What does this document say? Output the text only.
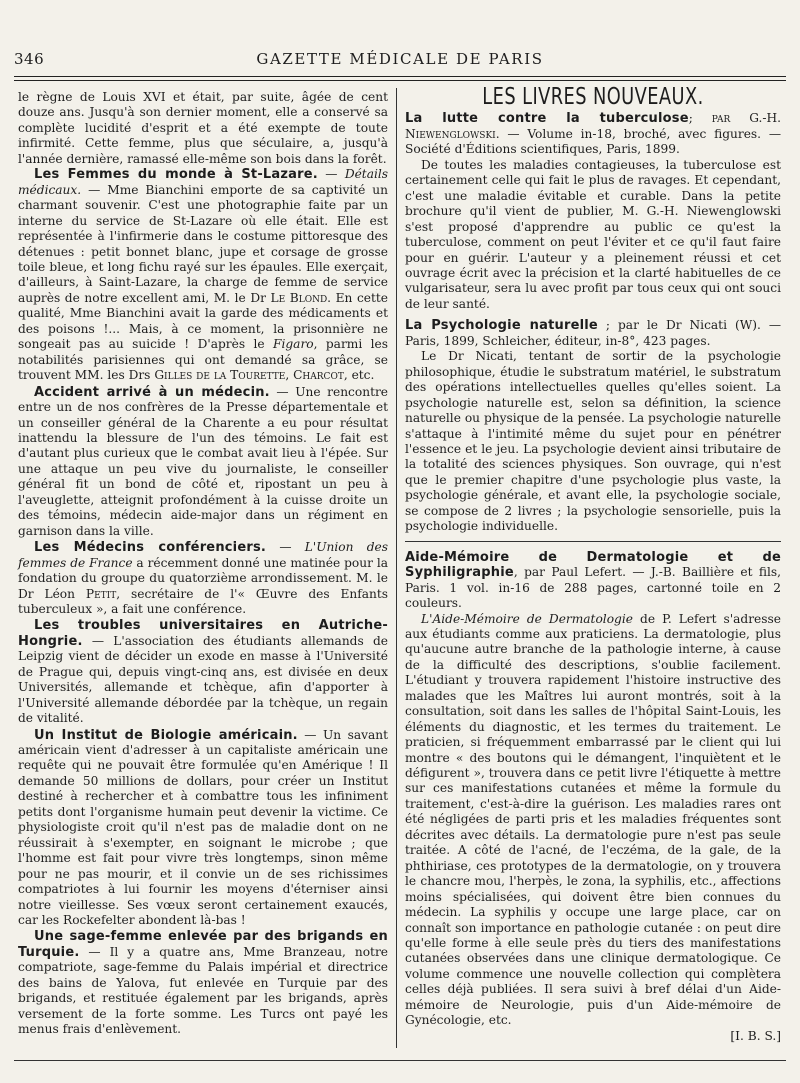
346	GAZETTE MÉDICALE DE PARIS

le règne de Louis XVI et était, par suite, âgée de cent douze ans. Jusqu'à son dernier moment, elle a conservé sa complète lucidité d'esprit et a été exempte de toute infirmité. Cette femme, plus que séculaire, a, jusqu'à l'année dernière, ramassé elle-même son bois dans la forêt.

Les Femmes du monde à St-Lazare. — Détails médicaux. — Mme Bianchini emporte de sa captivité un charmant souvenir. C'est une photographie faite par un interne du service de St-Lazare où elle était. Elle est représentée à l'infirmerie dans le costume pittoresque des détenues : petit bonnet blanc, jupe et corsage de grosse toile bleue, et long fichu rayé sur les épaules. Elle exerçait, d'ailleurs, à Saint-Lazare, la charge de femme de service auprès de notre excellent ami, M. le Dr Le Blond. En cette qualité, Mme Bianchini avait la garde des médicaments et des poisons !... Mais, à ce moment, la prisonnière ne songeait pas au suicide ! D'après le Figaro, parmi les notabilités parisiennes qui ont demandé sa grâce, se trouvent MM. les Drs Gilles de la Tourette, Charcot, etc.

Accident arrivé à un médecin. — Une rencontre entre un de nos confrères de la Presse départementale et un conseiller général de la Charente a eu pour résultat inattendu la blessure de l'un des témoins. Le fait est d'autant plus curieux que le combat avait lieu à l'épée. Sur une attaque un peu vive du journaliste, le conseiller général fit un bond de côté et, ripostant un peu à l'aveuglette, atteignit profondément à la cuisse droite un des témoins, médecin aide-major dans un régiment en garnison dans la ville.

Les Médecins conférenciers. — L'Union des femmes de France a récemment donné une matinée pour la fondation du groupe du quatorzième arrondissement. M. le Dr Léon Petit, secrétaire de l'« Œuvre des Enfants tuberculeux », a fait une conférence.

Les troubles universitaires en Autriche-Hongrie. — L'association des étudiants allemands de Leipzig vient de décider un exode en masse à l'Université de Prague qui, depuis vingt-cinq ans, est divisée en deux Universités, allemande et tchèque, afin d'apporter à l'Université allemande débordée par la tchèque, un regain de vitalité.

Un Institut de Biologie américain. — Un savant américain vient d'adresser à un capitaliste américain une requête qui ne pouvait être formulée qu'en Amérique ! Il demande 50 millions de dollars, pour créer un Institut destiné à rechercher et à combattre tous les infiniment petits dont l'organisme humain peut devenir la victime. Ce physiologiste croit qu'il n'est pas de maladie dont on ne réussirait à s'exempter, en soignant le microbe ; que l'homme est fait pour vivre très longtemps, sinon même pour ne pas mourir, et il convie un de ses richissimes compatriotes à lui fournir les moyens d'éterniser ainsi notre vieillesse. Ses vœux seront certainement exaucés, car les Rockefelter abondent là-bas !

Une sage-femme enlevée par des brigands en Turquie. — Il y a quatre ans, Mme Branzeau, notre compatriote, sage-femme du Palais impérial et directrice des bains de Yalova, fut enlevée en Turquie par des brigands, et restituée également par les brigands, après versement de la forte somme. Les Turcs ont payé les menus frais d'enlèvement.

LES LIVRES NOUVEAUX.

La lutte contre la tuberculose; par G.-H. Niewenglowski. — Volume in-18, broché, avec figures. — Société d'Éditions scientifiques, Paris, 1899.

De toutes les maladies contagieuses, la tuberculose est certainement celle qui fait le plus de ravages. Et cependant, c'est une maladie évitable et curable. Dans la petite brochure qu'il vient de publier, M. G.-H. Niewenglowski s'est proposé d'apprendre au public ce qu'est la tuberculose, comment on peut l'éviter et ce qu'il faut faire pour en guérir. L'auteur y a pleinement réussi et cet ouvrage écrit avec la précision et la clarté habituelles de ce vulgarisateur, sera lu avec profit par tous ceux qui ont souci de leur santé.

La Psychologie naturelle ; par le Dr Nicati (W). — Paris, 1899, Schleicher, éditeur, in-8°, 423 pages.

Le Dr Nicati, tentant de sortir de la psychologie philosophique, étudie le substratum matériel, le substratum des opérations intellectuelles quelles qu'elles soient. La psychologie naturelle est, selon sa définition, la science naturelle ou physique de la pensée. La psychologie naturelle s'attaque à l'intimité même du sujet pour en pénétrer l'essence et le jeu. La psychologie devient ainsi tributaire de la totalité des sciences physiques. Son ouvrage, qui n'est que le premier chapitre d'une psychologie plus vaste, la psychologie générale, et avant elle, la psychologie sociale, se compose de 2 livres ; la psychologie sensorielle, puis la psychologie individuelle.

Aide-Mémoire de Dermatologie et de Syphiligraphie, par Paul Lefert. — J.-B. Baillière et fils, Paris. 1 vol. in-16 de 288 pages, cartonné toile en 2 couleurs.

L'Aide-Mémoire de Dermatologie de P. Lefert s'adresse aux étudiants comme aux praticiens. La dermatologie, plus qu'aucune autre branche de la pathologie interne, à cause de la difficulté des descriptions, s'oublie facilement. L'étudiant y trouvera rapidement l'histoire instructive des malades que les Maîtres lui auront montrés, soit à la consultation, soit dans les salles de l'hôpital Saint-Louis, les éléments du diagnostic, et les termes du traitement. Le praticien, si fréquemment embarrassé par le client qui lui montre « des boutons qui le démangent, l'inquiètent et le défigurent », trouvera dans ce petit livre l'étiquette à mettre sur ces manifestations cutanées et même la formule du traitement, c'est-à-dire la guérison. Les maladies rares ont été négligées de parti pris et les maladies fréquentes sont décrites avec détails. La dermatologie pure n'est pas seule traitée. A côté de l'acné, de l'eczéma, de la gale, de la phthiriase, ces prototypes de la dermatologie, on y trouvera le chancre mou, l'herpès, le zona, la syphilis, etc., affections moins spécialisées, qui doivent être bien connues du médecin. La syphilis y occupe une large place, car on connaît son importance en pathologie cutanée : on peut dire qu'elle forme à elle seule près du tiers des manifestations cutanées observées dans une clinique dermatologique. Ce volume commence une nouvelle collection qui complètera celles déjà publiées. Il sera suivi à bref délai d'un Aide-mémoire de Neurologie, puis d'un Aide-mémoire de Gynécologie, etc.

[I. B. S.]
